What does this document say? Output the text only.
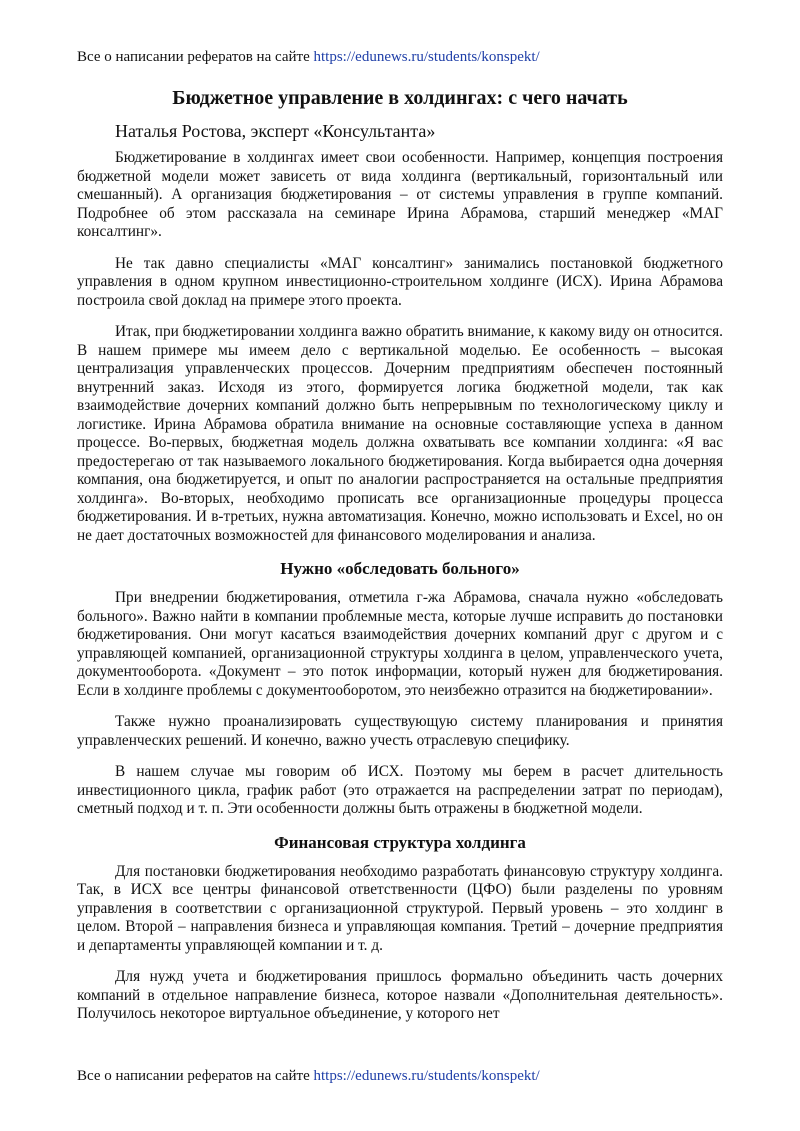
Все о написании рефератов на сайте https://edunews.ru/students/konspekt/
Бюджетное управление в холдингах: с чего начать

Наталья Ростова, эксперт «Консультанта»

Бюджетирование в холдингах имеет свои особенности. Например, концепция построения бюджетной модели может зависеть от вида холдинга (вертикальный, горизонтальный или смешанный). А организация бюджетирования – от системы управления в группе компаний. Подробнее об этом рассказала на семинаре Ирина Абрамова, старший менеджер «МАГ консалтинг».

Не так давно специалисты «МАГ консалтинг» занимались постановкой бюджетного управления в одном крупном инвестиционно-строительном холдинге (ИСХ). Ирина Абрамова построила свой доклад на примере этого проекта.

Итак, при бюджетировании холдинга важно обратить внимание, к какому виду он относится. В нашем примере мы имеем дело с вертикальной моделью. Ее особенность – высокая централизация управленческих процессов. Дочерним предприятиям обеспечен постоянный внутренний заказ. Исходя из этого, формируется логика бюджетной модели, так как взаимодействие дочерних компаний должно быть непрерывным по технологическому циклу и логистике. Ирина Абрамова обратила внимание на основные составляющие успеха в данном процессе. Во-первых, бюджетная модель должна охватывать все компании холдинга: «Я вас предостерегаю от так называемого локального бюджетирования. Когда выбирается одна дочерняя компания, она бюджетируется, и опыт по аналогии распространяется на остальные предприятия холдинга». Во-вторых, необходимо прописать все организационные процедуры процесса бюджетирования. И в-третьих, нужна автоматизация. Конечно, можно использовать и Excel, но он не дает достаточных возможностей для финансового моделирования и анализа.

Нужно «обследовать больного»

При внедрении бюджетирования, отметила г-жа Абрамова, сначала нужно «обследовать больного». Важно найти в компании проблемные места, которые лучше исправить до постановки бюджетирования. Они могут касаться взаимодействия дочерних компаний друг с другом и с управляющей компанией, организационной структуры холдинга в целом, управленческого учета, документооборота. «Документ – это поток информации, который нужен для бюджетирования. Если в холдинге проблемы с документооборотом, это неизбежно отразится на бюджетировании».

Также нужно проанализировать существующую систему планирования и принятия управленческих решений. И конечно, важно учесть отраслевую специфику.

В нашем случае мы говорим об ИСХ. Поэтому мы берем в расчет длительность инвестиционного цикла, график работ (это отражается на распределении затрат по периодам), сметный подход и т. п. Эти особенности должны быть отражены в бюджетной модели.

Финансовая структура холдинга

Для постановки бюджетирования необходимо разработать финансовую структуру холдинга. Так, в ИСХ все центры финансовой ответственности (ЦФО) были разделены по уровням управления в соответствии с организационной структурой. Первый уровень – это холдинг в целом. Второй – направления бизнеса и управляющая компания. Третий – дочерние предприятия и департаменты управляющей компании и т. д.

Для нужд учета и бюджетирования пришлось формально объединить часть дочерних компаний в отдельное направление бизнеса, которое назвали «Дополнительная деятельность». Получилось некоторое виртуальное объединение, у которого нет

Все о написании рефератов на сайте https://edunews.ru/students/konspekt/
